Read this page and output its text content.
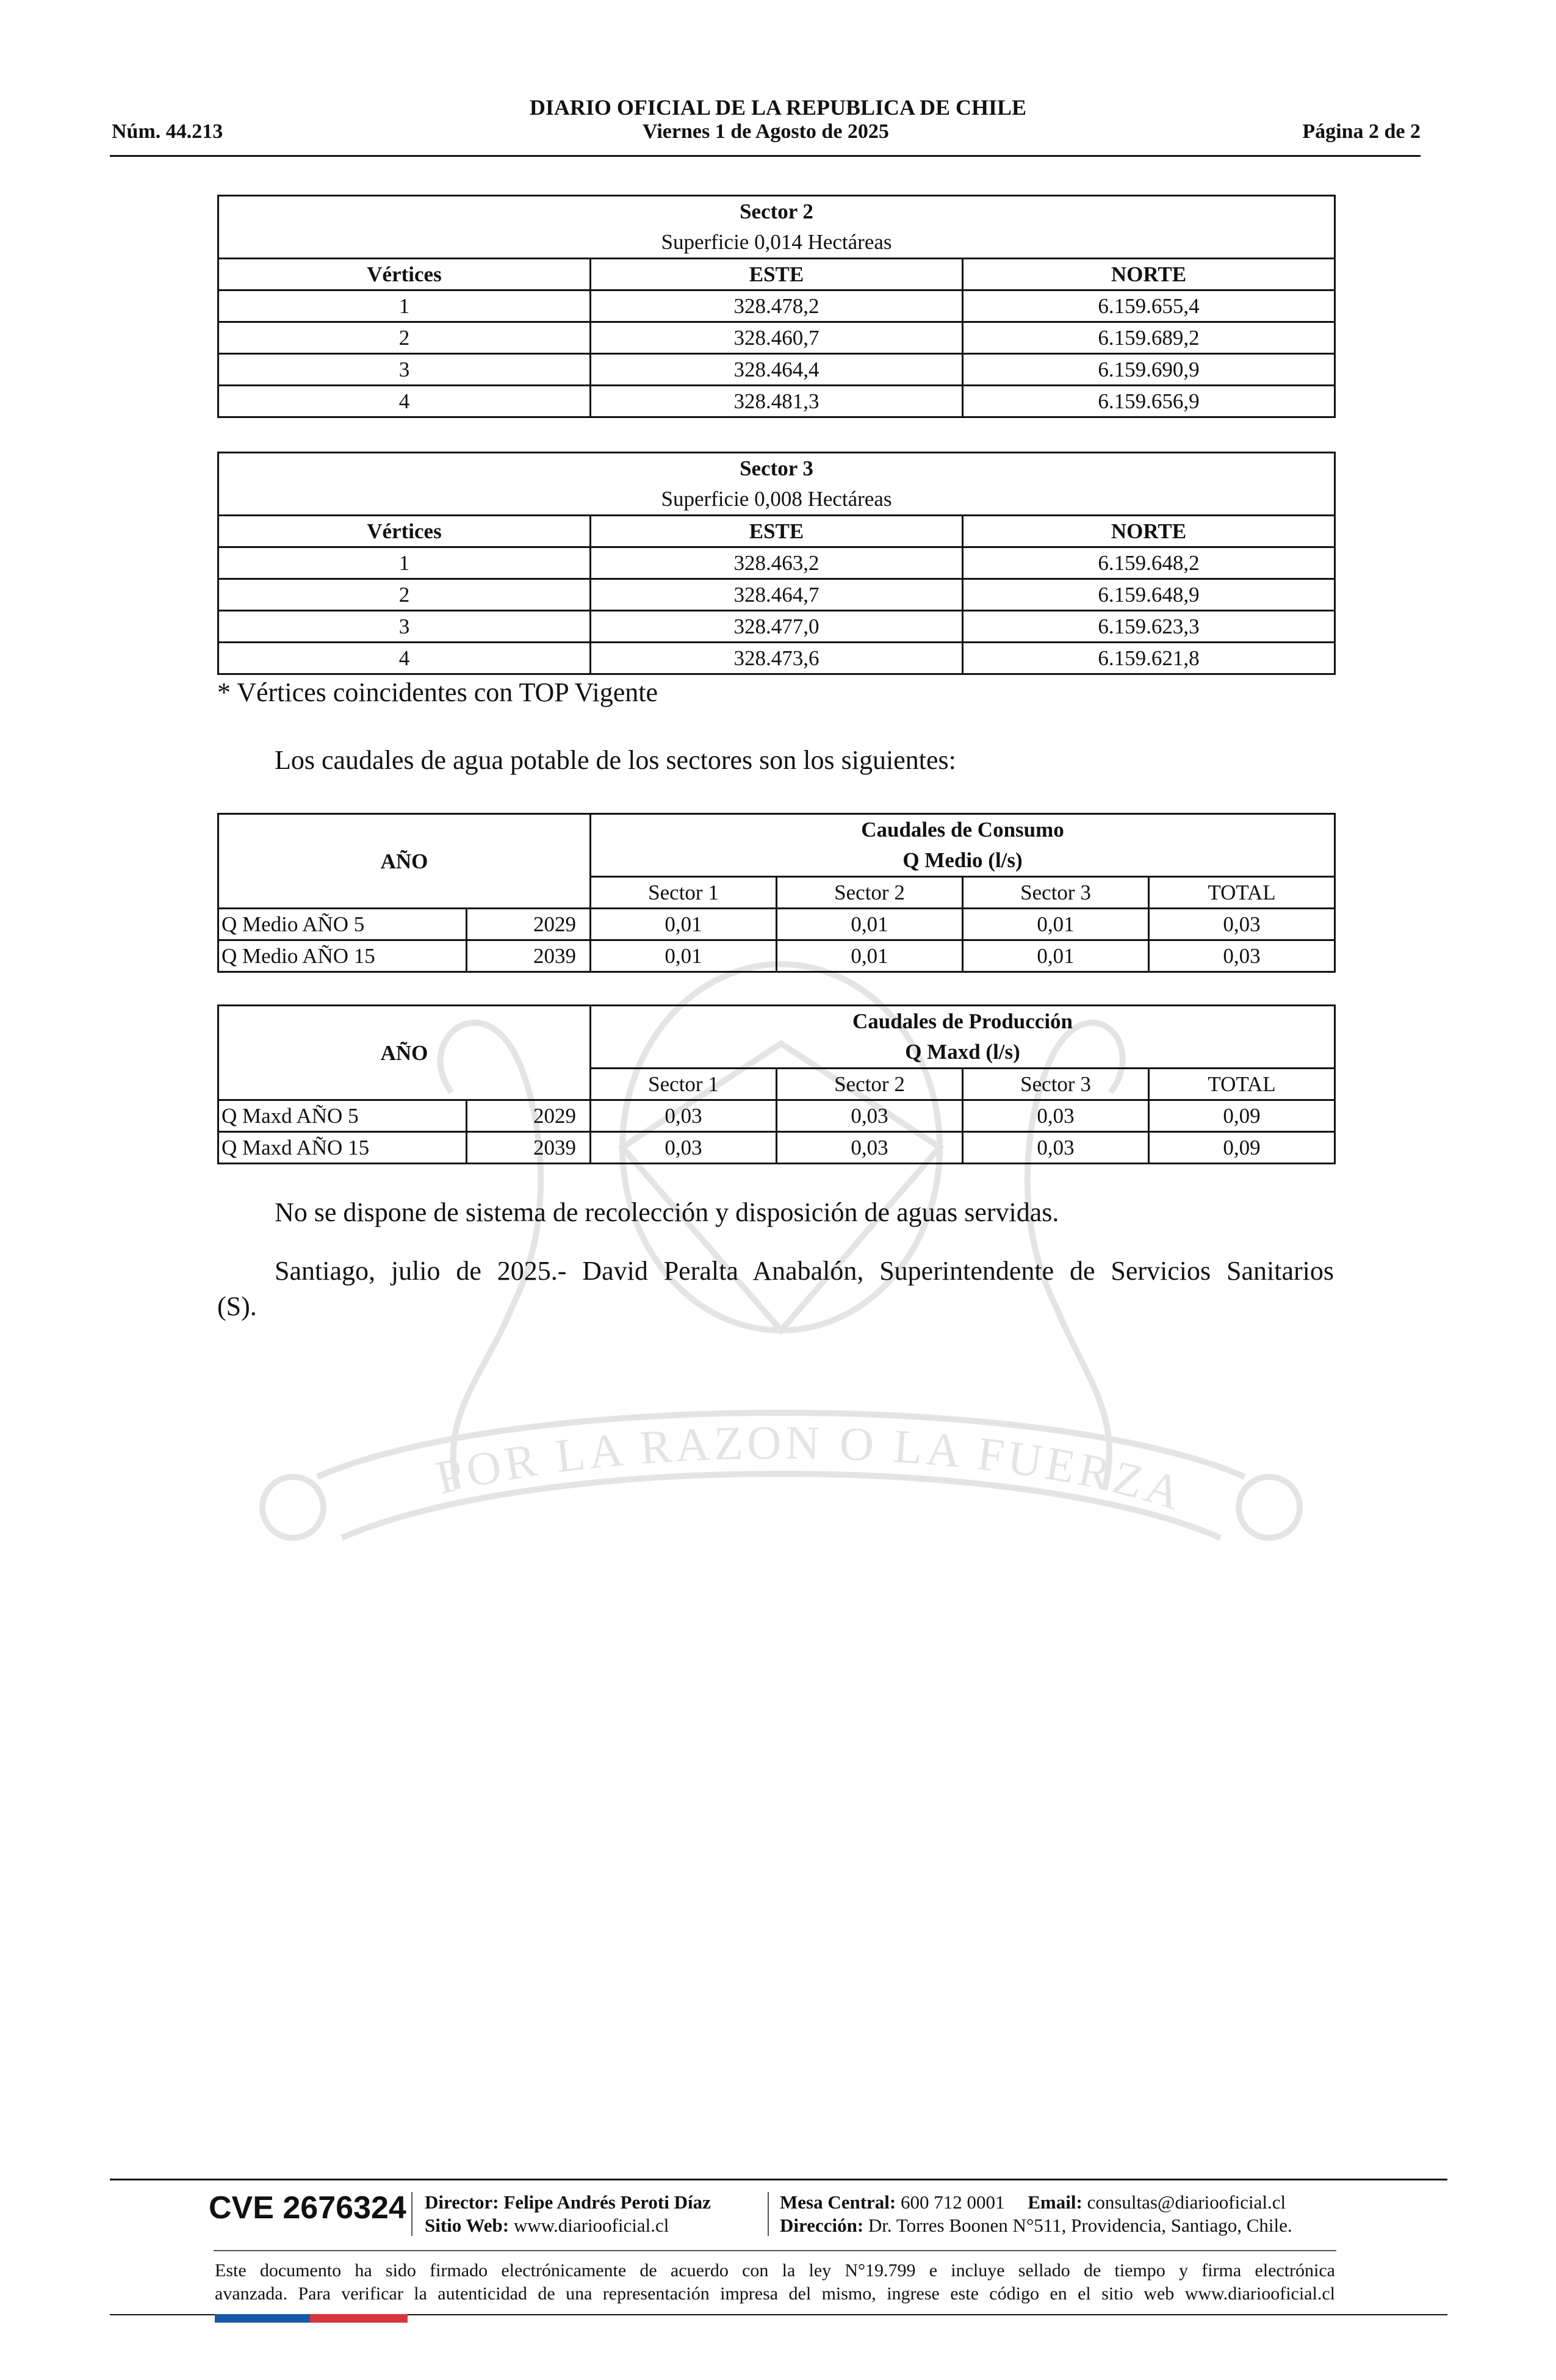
POR LA RAZON O LA FUERZA
DIARIO OFICIAL DE LA REPUBLICA DE CHILE
Núm. 44.213	Viernes 1 de Agosto de 2025	Página 2 de 2
Sector 2
Superficie 0,014 Hectáreas		

Vértices	ESTE	NORTE
1	328.478,2	6.159.655,4
2	328.460,7	6.159.689,2
3	328.464,4	6.159.690,9
4	328.481,3	6.159.656,9
Sector 3
Superficie 0,008 Hectáreas		

Vértices	ESTE	NORTE
1	328.463,2	6.159.648,2
2	328.464,7	6.159.648,9
3	328.477,0	6.159.623,3
4	328.473,6	6.159.621,8
* Vértices coincidentes con TOP Vigente
Los caudales de agua potable de los sectores son los siguientes:
AÑO		Caudales de Consumo
Q Medio (l/s)			

		Sector 1	Sector 2	Sector 3	TOTAL
Q Medio AÑO 5	2029	0,01	0,01	0,01	0,03
Q Medio AÑO 15	2039	0,01	0,01	0,01	0,03
AÑO		Caudales de Producción
Q Maxd (l/s)			

		Sector 1	Sector 2	Sector 3	TOTAL
Q Maxd AÑO 5	2029	0,03	0,03	0,03	0,09
Q Maxd AÑO 15	2039	0,03	0,03	0,03	0,09
No se dispone de sistema de recolección y disposición de aguas servidas.
Santiago, julio de 2025.- David Peralta Anabalón, Superintendente de Servicios Sanitarios
(S).
CVE 2676324 Director: Felipe Andrés Peroti Díaz
Sitio Web: www.diariooficial.cl
Mesa Central: 600 712 0001 Email: consultas@diariooficial.cl
Dirección: Dr. Torres Boonen N°511, Providencia, Santiago, Chile.
Este documento ha sido firmado electrónicamente de acuerdo con la ley N°19.799 e incluye sellado de tiempo y firma electrónica
avanzada. Para verificar la autenticidad de una representación impresa del mismo, ingrese este código en el sitio web www.diariooficial.cl
